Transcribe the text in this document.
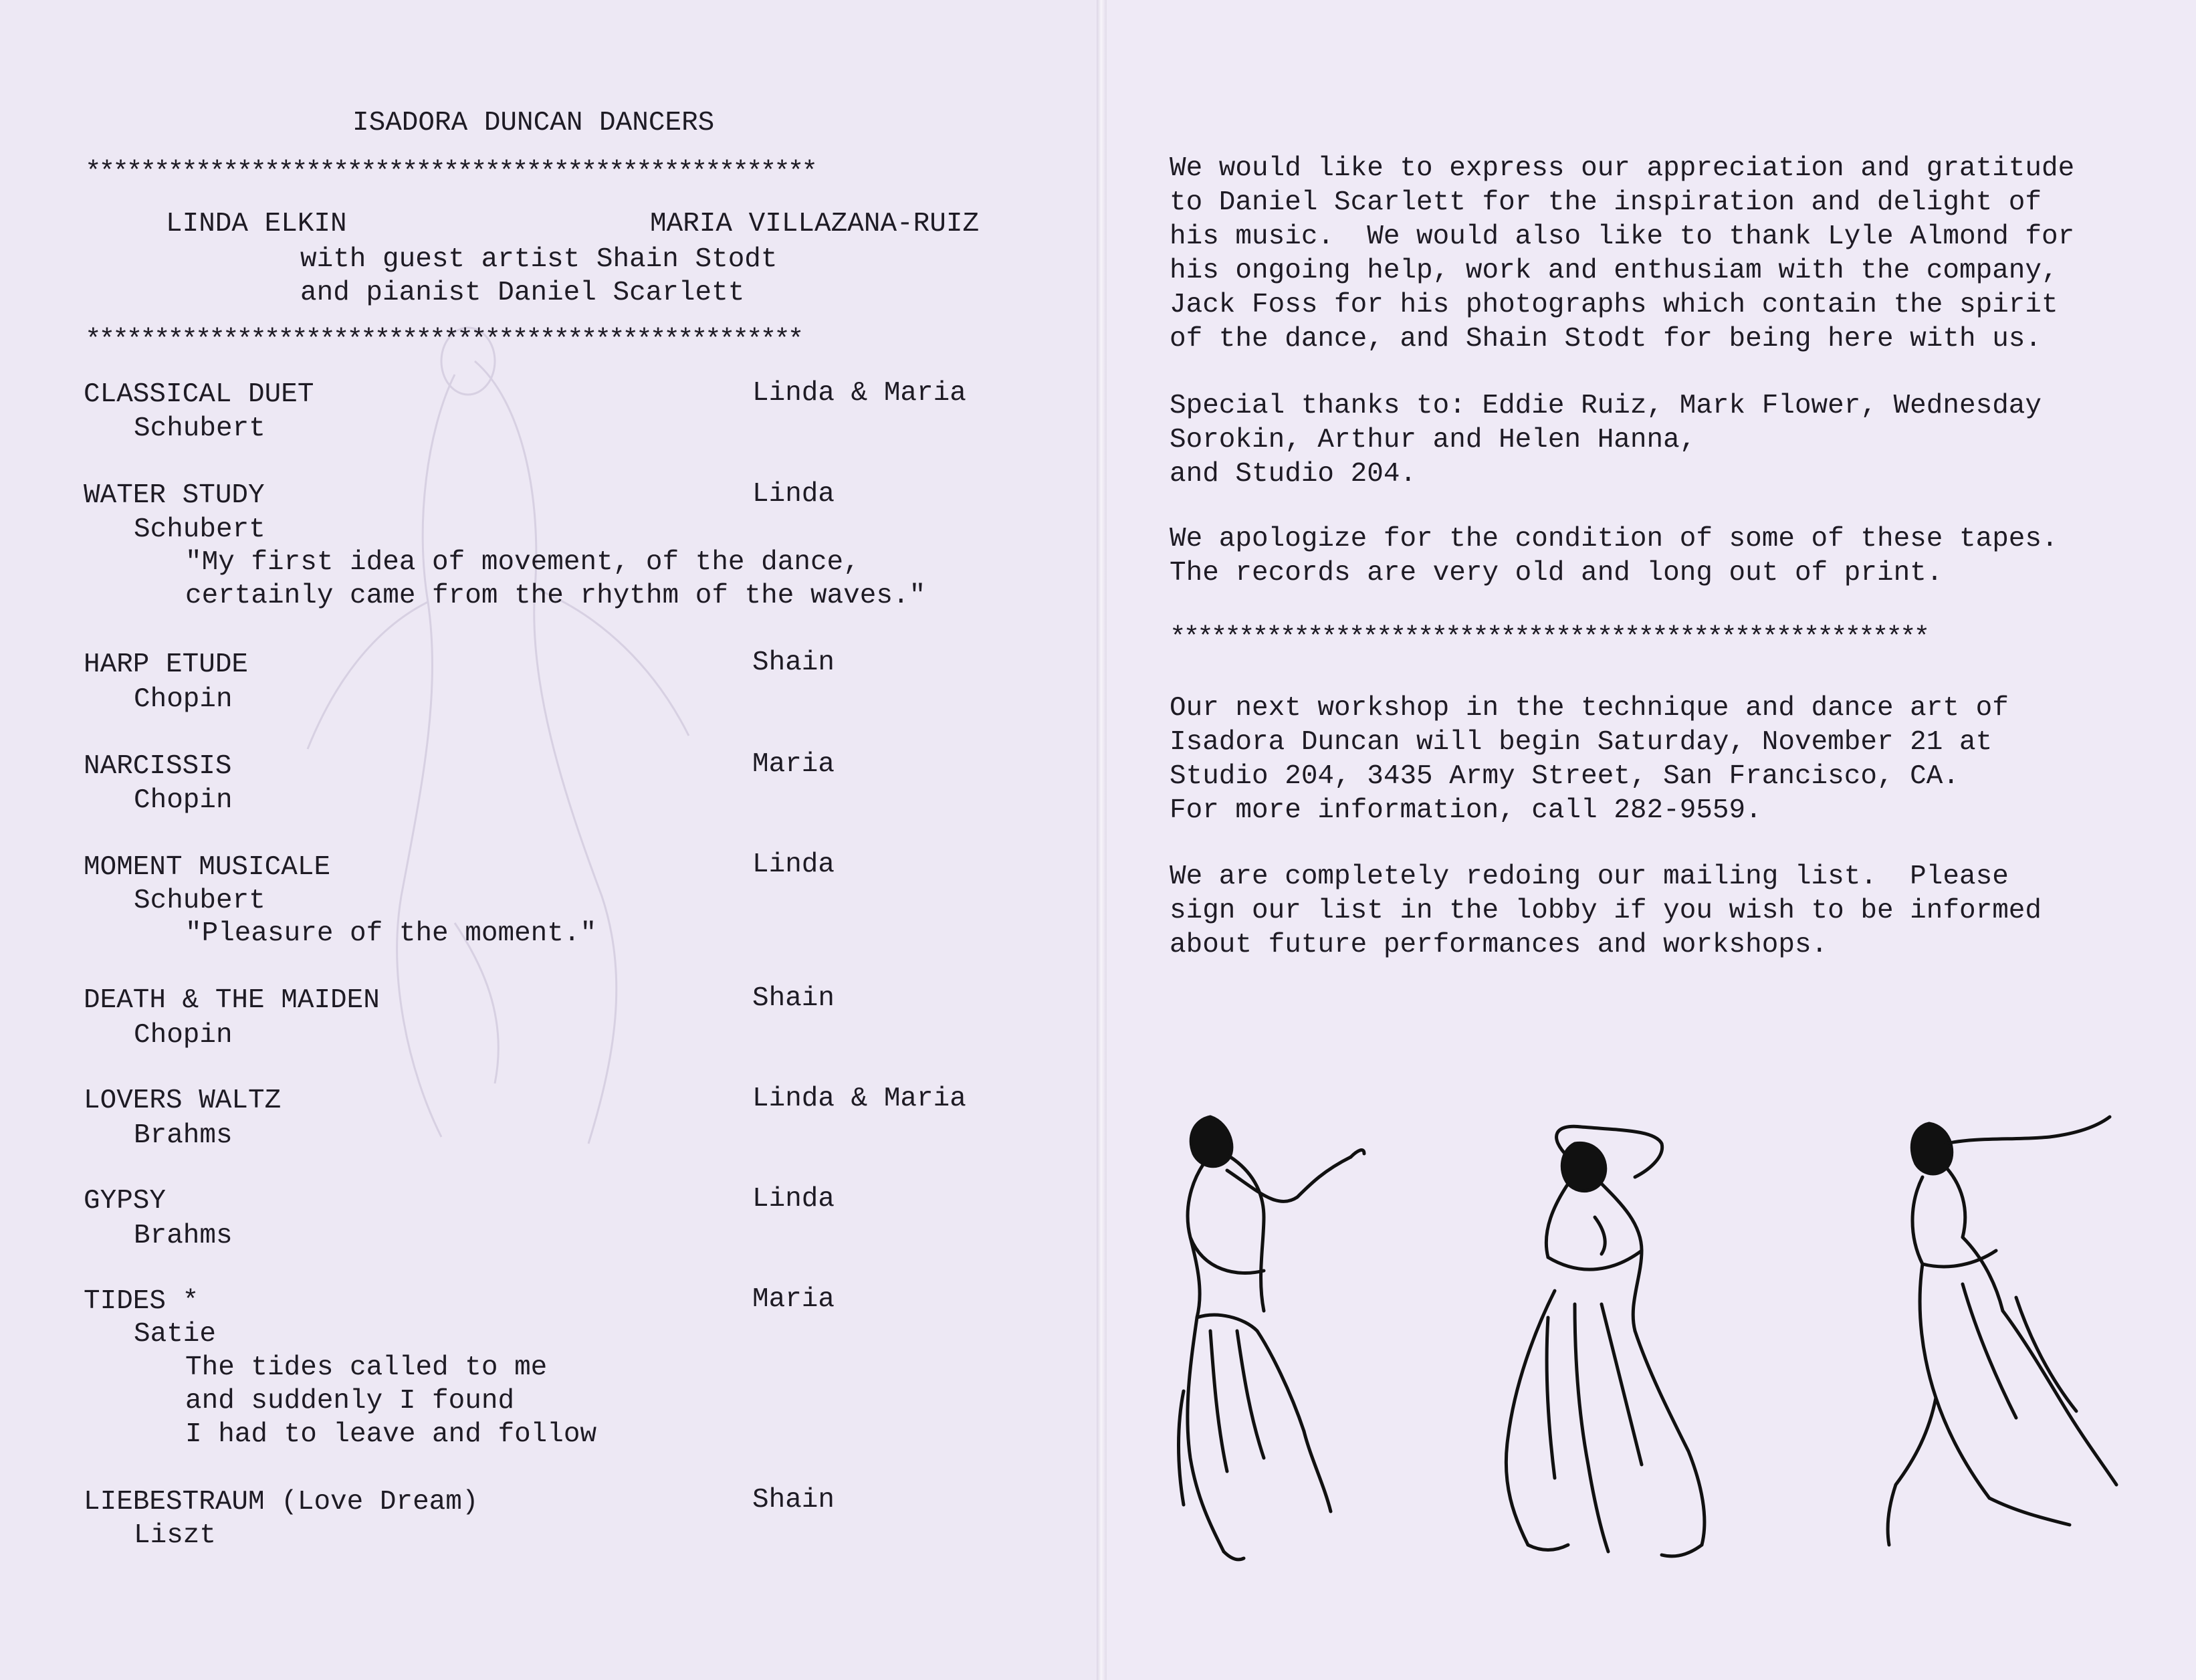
ISADORA DUNCAN DANCERS
*****************************************************
LINDA ELKIN	MARIA VILLAZANA-RUIZ
with guest artist Shain Stodt
and pianist Daniel Scarlett
****************************************************
CLASSICAL DUET	Linda & Maria
Schubert
WATER STUDY	Linda
Schubert
"My first idea of movement, of the dance,
certainly came from the rhythm of the waves."
HARP ETUDE	Shain
Chopin
NARCISSIS	Maria
Chopin
MOMENT MUSICALE	Linda
Schubert
"Pleasure of the moment."
DEATH & THE MAIDEN	Shain
Chopin
LOVERS WALTZ	Linda & Maria
Brahms
GYPSY	Linda
Brahms
TIDES *	Maria
Satie
The tides called to me
and suddenly I found
I had to leave and follow
LIEBESTRAUM (Love Dream)	Shain
Liszt
We would like to express our appreciation and gratitude
to Daniel Scarlett for the inspiration and delight of
his music.  We would also like to thank Lyle Almond for
his ongoing help, work and enthusiam with the company,
Jack Foss for his photographs which contain the spirit
of the dance, and Shain Stodt for being here with us.
Special thanks to: Eddie Ruiz, Mark Flower, Wednesday
Sorokin, Arthur and Helen Hanna,
and Studio 204.
We apologize for the condition of some of these tapes.
The records are very old and long out of print.
*******************************************************
Our next workshop in the technique and dance art of
Isadora Duncan will begin Saturday, November 21 at
Studio 204, 3435 Army Street, San Francisco, CA.
For more information, call 282-9559.
We are completely redoing our mailing list.  Please
sign our list in the lobby if you wish to be informed
about future performances and workshops.
